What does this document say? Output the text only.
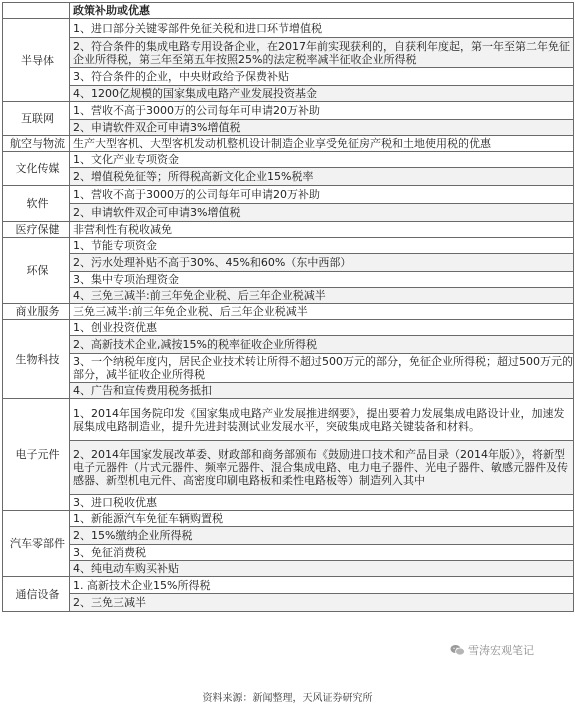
	政策补助或优惠
半导体	1、进口部分关键零部件免征关税和进口环节增值税
	2、符合条件的集成电路专用设备企业，在2017年前实现获利的，自获利年度起，第一年至第二年免征企业所得税，第三年至第五年按照25%的法定税率减半征收企业所得税
	3、符合条件的企业，中央财政给予保费补贴
	4、1200亿规模的国家集成电路产业发展投资基金
互联网	1、营收不高于3000万的公司每年可申请20万补助
	2、申请软件双企可申请3%增值税
航空与物流	生产大型客机、大型客机发动机整机设计制造企业享受免征房产税和土地使用税的优惠
文化传媒	1、文化产业专项资金
	2、增值税免征等；所得税高新文化企业15%税率
软件	1、营收不高于3000万的公司每年可申请20万补助
	2、申请软件双企可申请3%增值税
医疗保健	非营利性有税收减免
环保	1、节能专项资金
	2、污水处理补贴不高于30%、45%和60%（东中西部）
	3、集中专项治理资金
	4、三免三减半:前三年免企业税、后三年企业税减半
商业服务	三免三减半:前三年免企业税、后三年企业税减半
生物科技	1、创业投资优惠
	2、高新技术企业,减按15%的税率征收企业所得税
	3、一个纳税年度内，居民企业技术转让所得不超过500万元的部分，免征企业所得税；超过500万元的部分，减半征收企业所得税
	4、广告和宣传费用税务抵扣
电子元件	1、2014年国务院印发《国家集成电路产业发展推进纲要》，提出要着力发展集成电路设计业，加速发展集成电路制造业，提升先进封装测试业发展水平，突破集成电路关键装备和材料。
	2、2014年国家发展改革委、财政部和商务部颁布《鼓励进口技术和产品目录（2014年版）》，将新型电子元器件（片式元器件、频率元器件、混合集成电路、电力电子器件、光电子器件、敏感元器件及传感器、新型机电元件、高密度印刷电路板和柔性电路板等）制造列入其中
	3、进口税收优惠
汽车零部件	1、新能源汽车免征车辆购置税
	2、15%缴纳企业所得税
	3、免征消费税
	4、纯电动车购买补贴
通信设备	1. 高新技术企业15%所得税
	2、三免三减半
雪涛宏观笔记
资料来源：新闻整理，天风证券研究所
